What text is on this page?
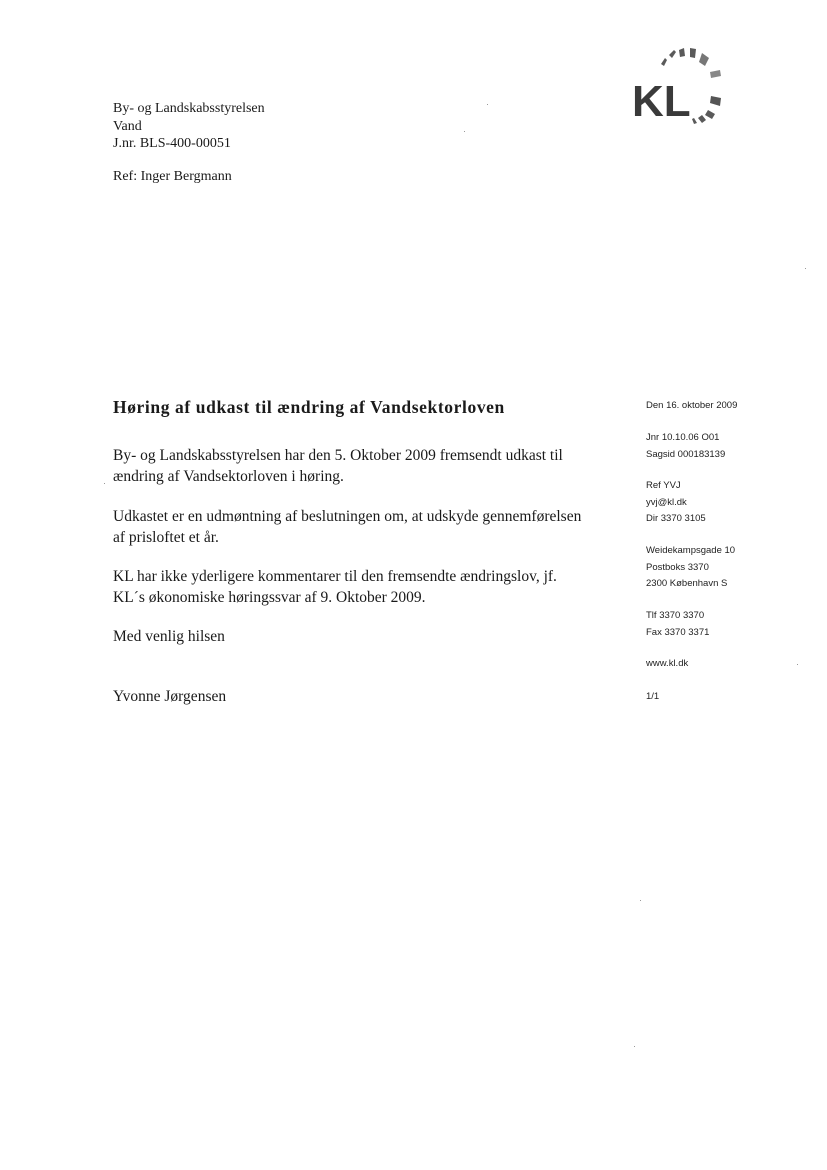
By- og Landskabsstyrelsen
Vand
J.nr. BLS-400-00051
Ref: Inger Bergmann
KL
Høring af udkast til ændring af Vandsektorloven
By- og Landskabsstyrelsen har den 5. Oktober 2009 fremsendt udkast til
ændring af Vandsektorloven i høring.
Udkastet er en udmøntning af beslutningen om, at udskyde gennemførelsen
af prisloftet et år.
KL har ikke yderligere kommentarer til den fremsendte ændringslov, jf.
KL´s økonomiske høringssvar af 9. Oktober 2009.
Med venlig hilsen
Yvonne Jørgensen
Den 16. oktober 2009
Jnr 10.10.06 O01
Sagsid 000183139
Ref YVJ
yvj@kl.dk
Dir 3370 3105
Weidekampsgade 10
Postboks 3370
2300 København S
Tlf 3370 3370
Fax 3370 3371
www.kl.dk
1/1
